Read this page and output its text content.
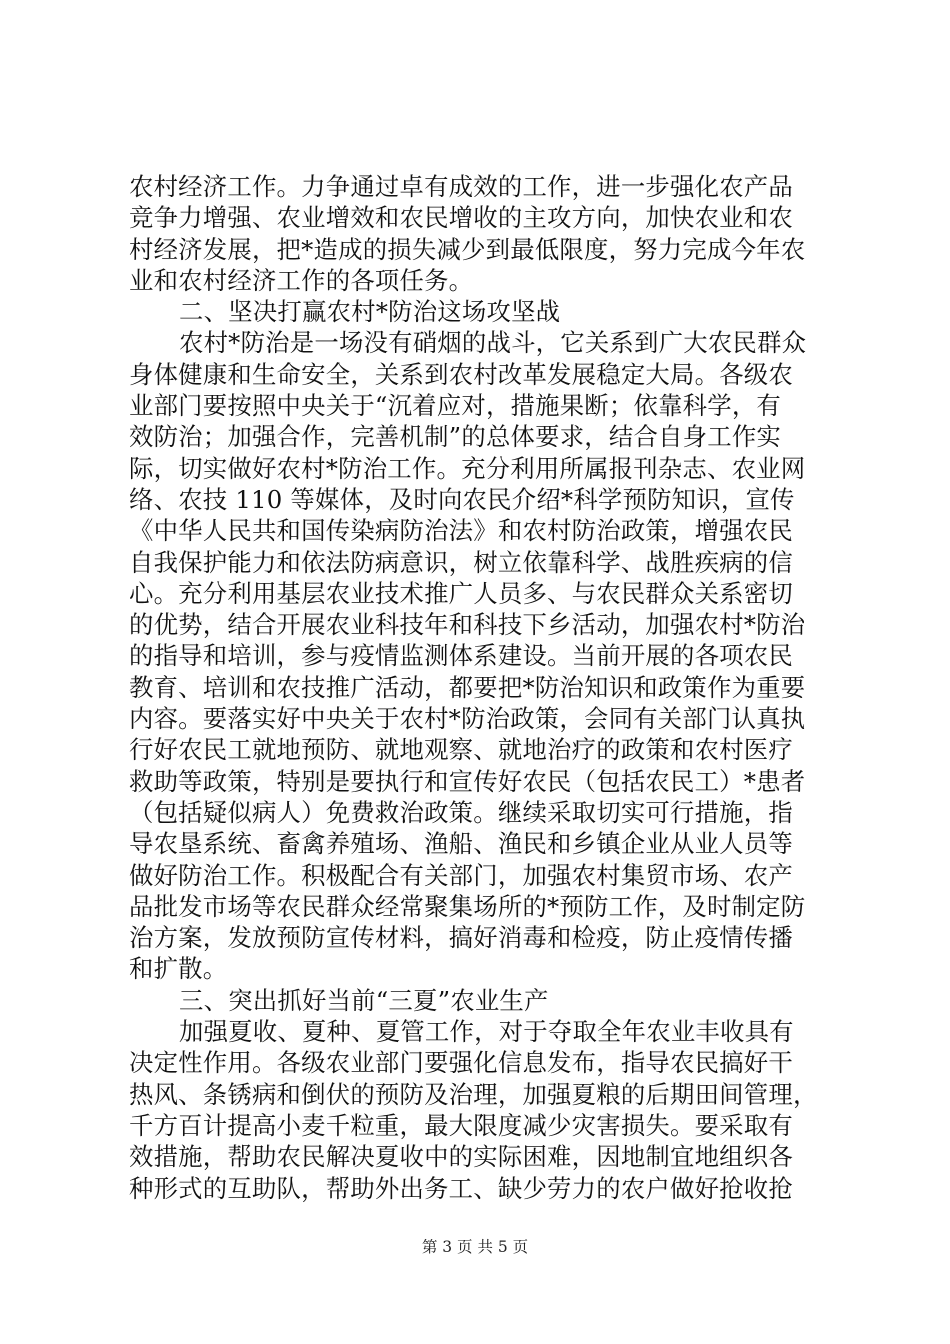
农村经济工作。力争通过卓有成效的工作，进一步强化农产品
竞争力增强、农业增效和农民增收的主攻方向，加快农业和农
村经济发展，把*造成的损失减少到最低限度，努力完成今年农
业和农村经济工作的各项任务。
二、坚决打赢农村*防治这场攻坚战
农村*防治是一场没有硝烟的战斗，它关系到广大农民群众
身体健康和生命安全，关系到农村改革发展稳定大局。各级农
业部门要按照中央关于“沉着应对，措施果断；依靠科学，有
效防治；加强合作，完善机制”的总体要求，结合自身工作实
际，切实做好农村*防治工作。充分利用所属报刊杂志、农业网
络、农技 110 等媒体，及时向农民介绍*科学预防知识，宣传
《中华人民共和国传染病防治法》和农村防治政策，增强农民
自我保护能力和依法防病意识，树立依靠科学、战胜疾病的信
心。充分利用基层农业技术推广人员多、与农民群众关系密切
的优势，结合开展农业科技年和科技下乡活动，加强农村*防治
的指导和培训，参与疫情监测体系建设。当前开展的各项农民
教育、培训和农技推广活动，都要把*防治知识和政策作为重要
内容。要落实好中央关于农村*防治政策，会同有关部门认真执
行好农民工就地预防、就地观察、就地治疗的政策和农村医疗
救助等政策，特别是要执行和宣传好农民（包括农民工）*患者
（包括疑似病人）免费救治政策。继续采取切实可行措施，指
导农垦系统、畜禽养殖场、渔船、渔民和乡镇企业从业人员等
做好防治工作。积极配合有关部门，加强农村集贸市场、农产
品批发市场等农民群众经常聚集场所的*预防工作，及时制定防
治方案，发放预防宣传材料，搞好消毒和检疫，防止疫情传播
和扩散。
三、突出抓好当前“三夏”农业生产
加强夏收、夏种、夏管工作，对于夺取全年农业丰收具有
决定性作用。各级农业部门要强化信息发布，指导农民搞好干
热风、条锈病和倒伏的预防及治理，加强夏粮的后期田间管理，
千方百计提高小麦千粒重，最大限度减少灾害损失。要采取有
效措施，帮助农民解决夏收中的实际困难，因地制宜地组织各
种形式的互助队，帮助外出务工、缺少劳力的农户做好抢收抢
第 3 页 共 5 页
